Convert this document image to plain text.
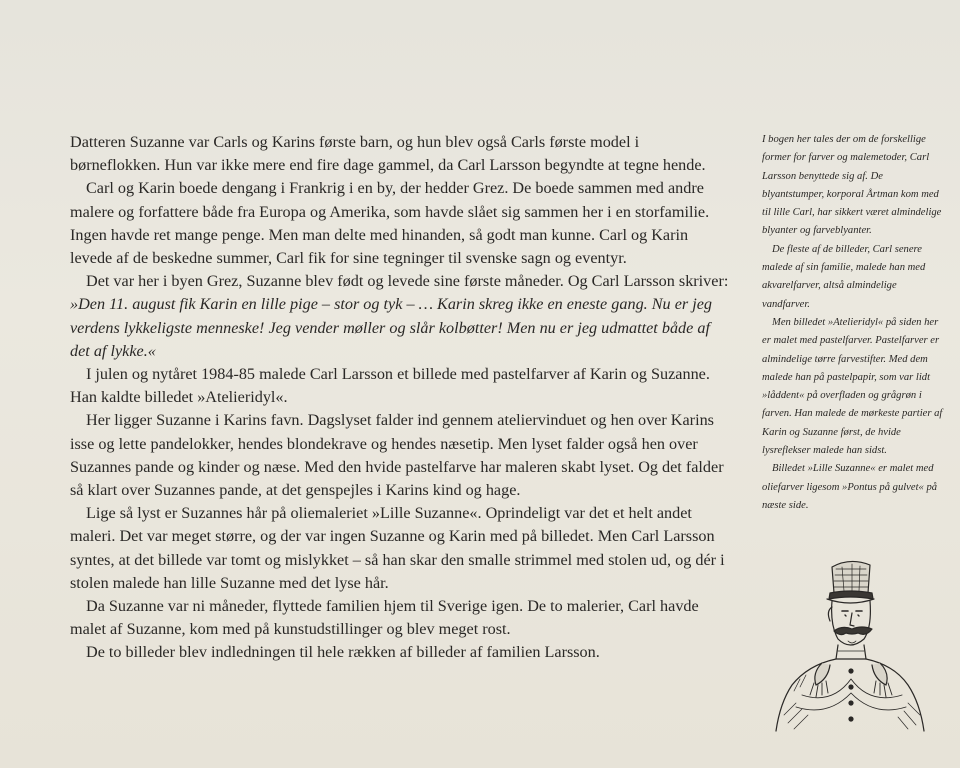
Datteren Suzanne var Carls og Karins første barn, og hun blev også Carls første model i børneflokken. Hun var ikke mere end fire dage gammel, da Carl Larsson begyndte at tegne hende.

Carl og Karin boede dengang i Frankrig i en by, der hedder Grez. De boede sammen med andre malere og forfattere både fra Europa og Amerika, som havde slået sig sammen her i en storfamilie. Ingen havde ret mange penge. Men man delte med hinanden, så godt man kunne. Carl og Karin levede af de beskedne summer, Carl fik for sine tegninger til svenske sagn og eventyr.

Det var her i byen Grez, Suzanne blev født og levede sine første måneder. Og Carl Larsson skriver: »Den 11. august fik Karin en lille pige – stor og tyk – … Karin skreg ikke en eneste gang. Nu er jeg verdens lykkeligste menneske! Jeg vender møller og slår kolbøtter! Men nu er jeg udmattet både af det af lykke.«

I julen og nytåret 1984-85 malede Carl Larsson et billede med pastelfarver af Karin og Suzanne. Han kaldte billedet »Atelieridyl«.

Her ligger Suzanne i Karins favn. Dagslyset falder ind gennem ateliervinduet og hen over Karins isse og lette pandelokker, hendes blondekrave og hendes næsetip. Men lyset falder også hen over Suzannes pande og kinder og næse. Med den hvide pastelfarve har maleren skabt lyset. Og det falder så klart over Suzannes pande, at det genspejles i Karins kind og hage.

Lige så lyst er Suzannes hår på oliemaleriet »Lille Suzanne«. Oprindeligt var det et helt andet maleri. Det var meget større, og der var ingen Suzanne og Karin med på billedet. Men Carl Larsson syntes, at det billede var tomt og mislykket – så han skar den smalle strimmel med stolen ud, og dér i stolen malede han lille Suzanne med det lyse hår.

Da Suzanne var ni måneder, flyttede familien hjem til Sverige igen. De to malerier, Carl havde malet af Suzanne, kom med på kunstudstillinger og blev meget rost.

De to billeder blev indledningen til hele rækken af billeder af familien Larsson.

I bogen her tales der om de forskellige former for farver og malemetoder, Carl Larsson benyttede sig af. De blyantstumper, korporal Årtman kom med til lille Carl, har sikkert været almindelige blyanter og farveblyanter.

De fleste af de billeder, Carl senere malede af sin familie, malede han med akvarelfarver, altså almindelige vandfarver.

Men billedet »Atelieridyl« på siden her er malet med pastelfarver. Pastelfarver er almindelige tørre farvestifter. Med dem malede han på pastelpapir, som var lidt »låddent« på overfladen og grågrøn i farven. Han malede de mørkeste partier af Karin og Suzanne først, de hvide lysreflekser malede han sidst.

Billedet »Lille Suzanne« er malet med oliefarver ligesom »Pontus på gulvet« på næste side.
